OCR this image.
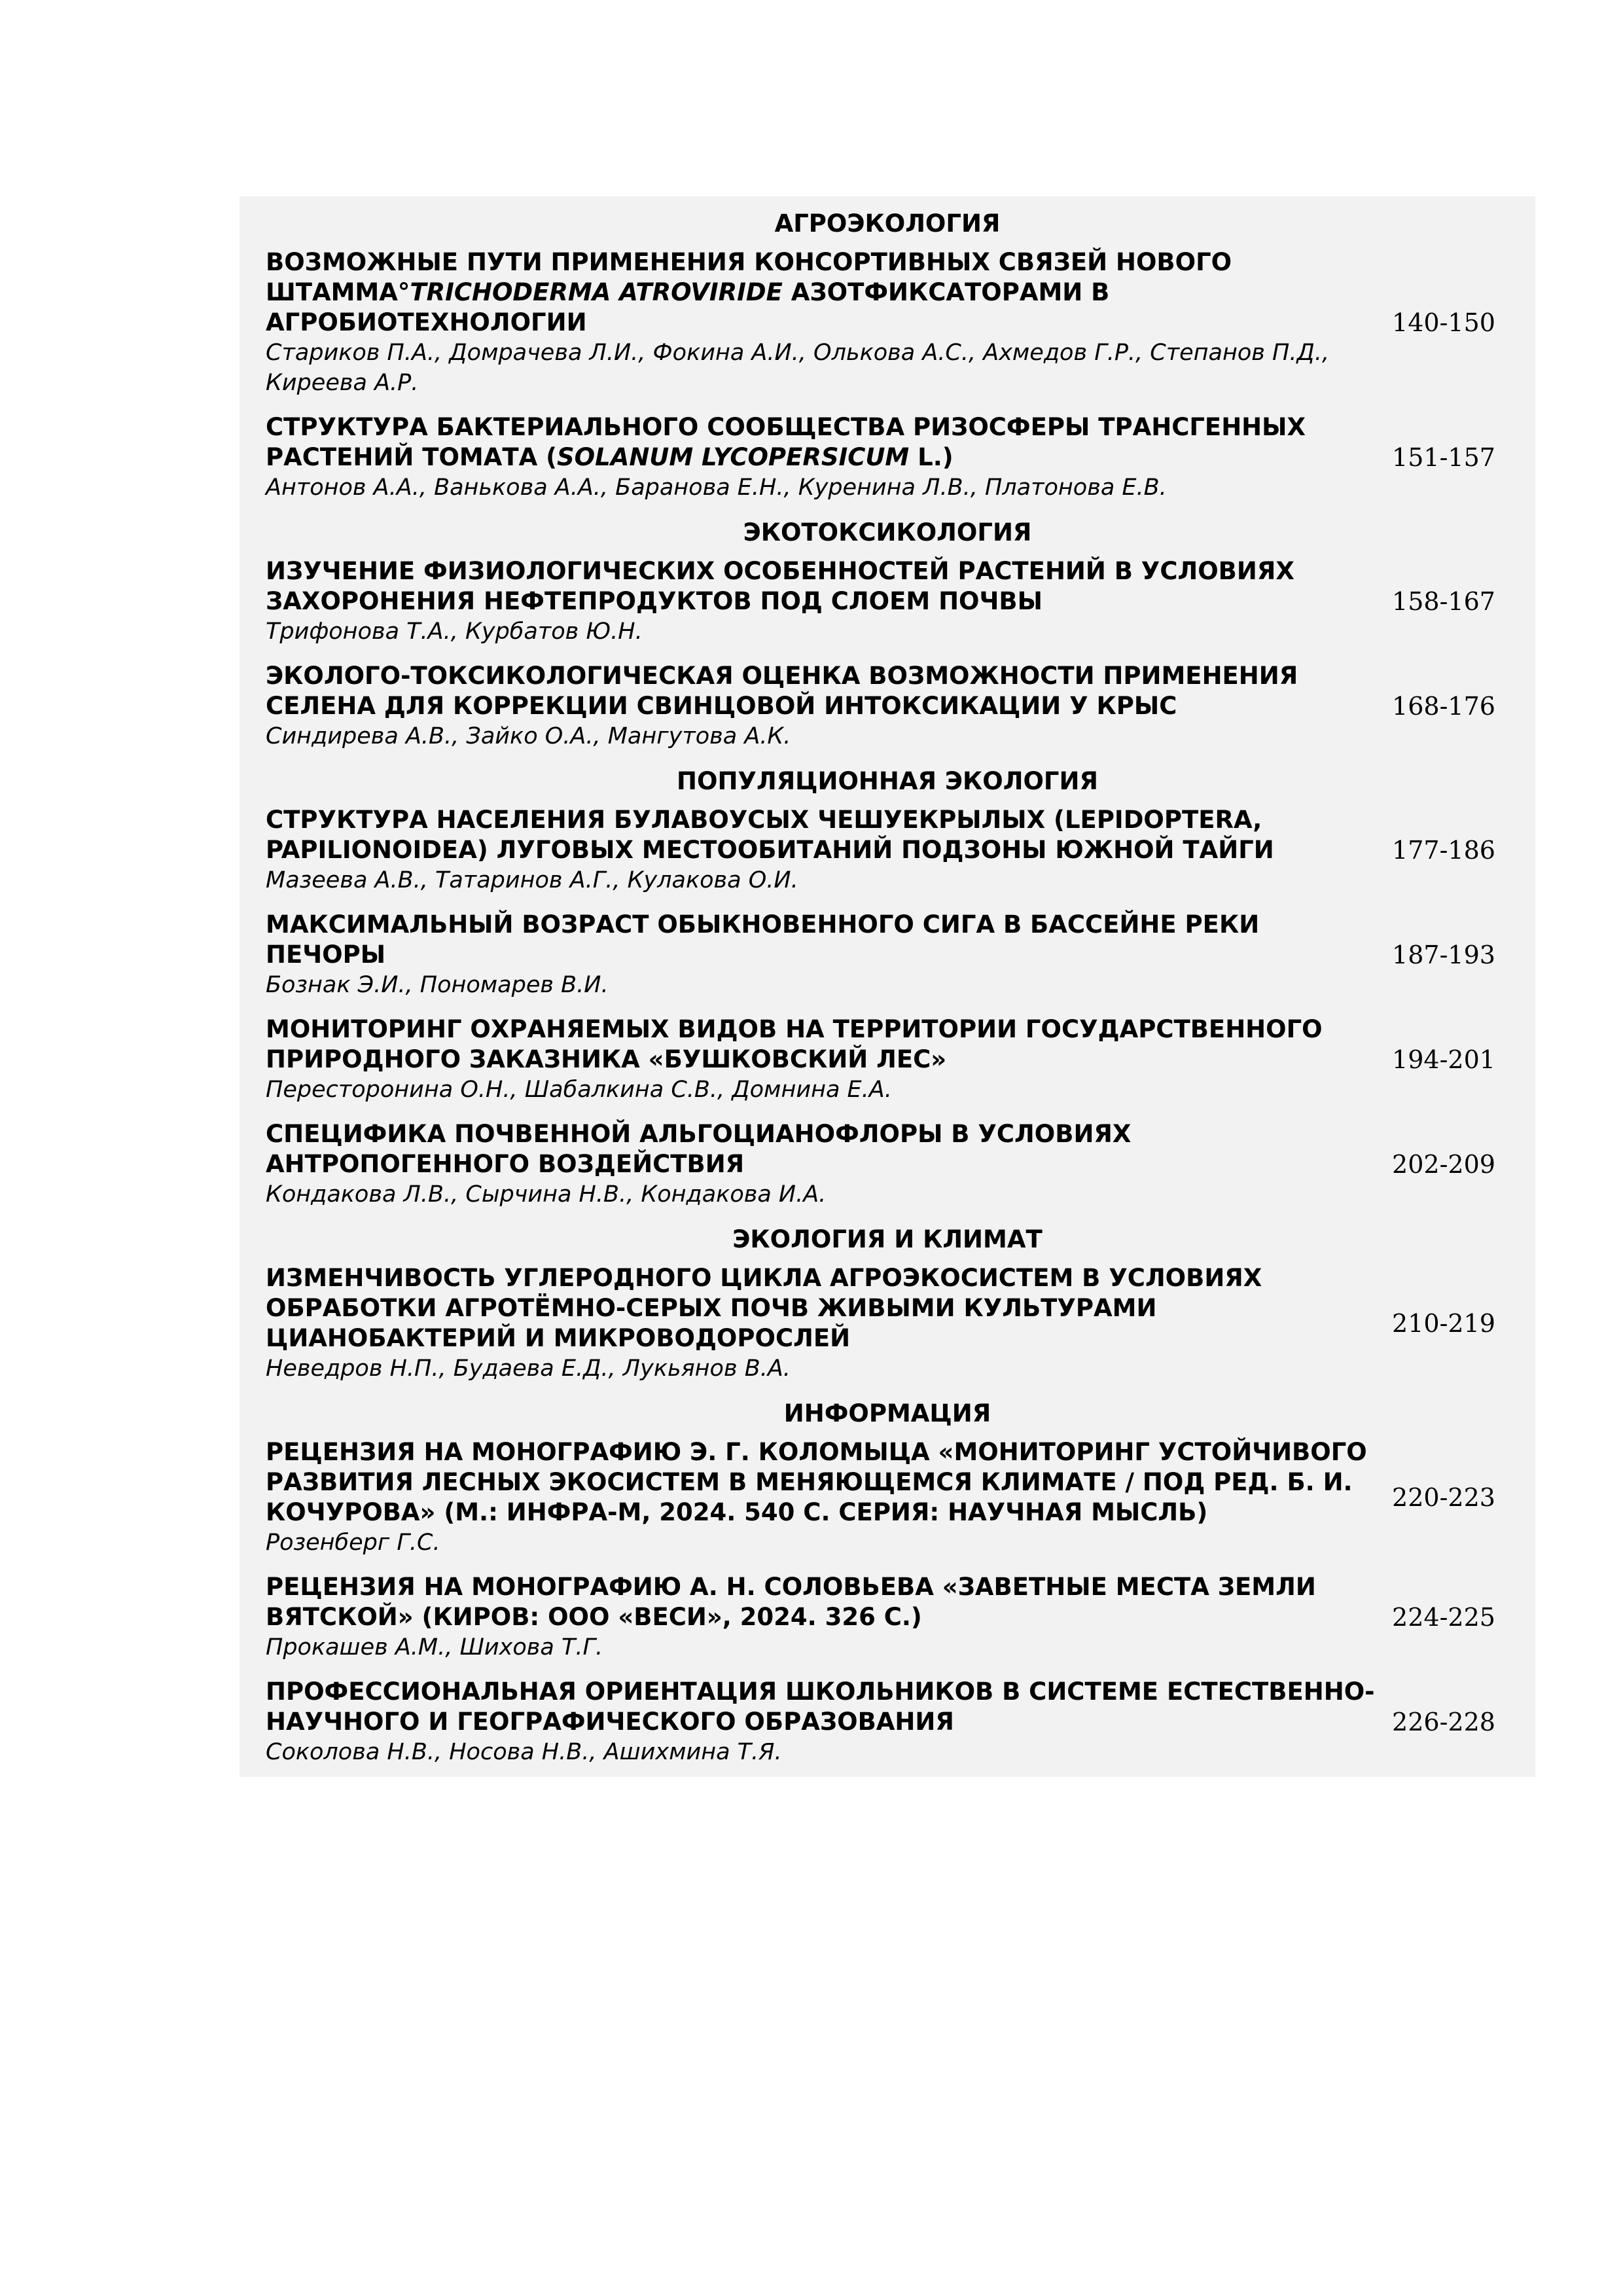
АГРОЭКОЛОГИЯ
ВОЗМОЖНЫЕ ПУТИ ПРИМЕНЕНИЯ КОНСОРТИВНЫХ СВЯЗЕЙ НОВОГО ШТАММА°TRICHODERMA ATROVIRIDE АЗОТФИКСАТОРАМИ В АГРОБИОТЕХНОЛОГИИ
Стариков П.А., Домрачева Л.И., Фокина А.И., Олькова А.С., Ахмедов Г.Р., Степанов П.Д., Киреева А.Р.
140-150
СТРУКТУРА БАКТЕРИАЛЬНОГО СООБЩЕСТВА РИЗОСФЕРЫ ТРАНСГЕННЫХ РАСТЕНИЙ ТОМАТА (SOLANUM LYCOPERSICUM L.)
Антонов А.А., Ванькова А.А., Баранова Е.Н., Куренина Л.В., Платонова Е.В.
151-157
ЭКОТОКСИКОЛОГИЯ
ИЗУЧЕНИЕ ФИЗИОЛОГИЧЕСКИХ ОСОБЕННОСТЕЙ РАСТЕНИЙ В УСЛОВИЯХ ЗАХОРОНЕНИЯ НЕФТЕПРОДУКТОВ ПОД СЛОЕМ ПОЧВЫ
Трифонова Т.А., Курбатов Ю.Н.
158-167
ЭКОЛОГО-ТОКСИКОЛОГИЧЕСКАЯ ОЦЕНКА ВОЗМОЖНОСТИ ПРИМЕНЕНИЯ СЕЛЕНА ДЛЯ КОРРЕКЦИИ СВИНЦОВОЙ ИНТОКСИКАЦИИ У КРЫС
Синдирева А.В., Зайко О.А., Мангутова А.К.
168-176
ПОПУЛЯЦИОННАЯ ЭКОЛОГИЯ
СТРУКТУРА НАСЕЛЕНИЯ БУЛАВОУСЫХ ЧЕШУЕКРЫЛЫХ (LEPIDOPTERA, PAPILIONOIDEA) ЛУГОВЫХ МЕСТООБИТАНИЙ ПОДЗОНЫ ЮЖНОЙ ТАЙГИ
Мазеева А.В., Татаринов А.Г., Кулакова О.И.
177-186
МАКСИМАЛЬНЫЙ ВОЗРАСТ ОБЫКНОВЕННОГО СИГА В БАССЕЙНЕ РЕКИ ПЕЧОРЫ
Бознак Э.И., Пономарев В.И.
187-193
МОНИТОРИНГ ОХРАНЯЕМЫХ ВИДОВ НА ТЕРРИТОРИИ ГОСУДАРСТВЕННОГО ПРИРОДНОГО ЗАКАЗНИКА «БУШКОВСКИЙ ЛЕС»
Пересторонина О.Н., Шабалкина С.В., Домнина Е.А.
194-201
СПЕЦИФИКА ПОЧВЕННОЙ АЛЬГОЦИАНОФЛОРЫ В УСЛОВИЯХ АНТРОПОГЕННОГО ВОЗДЕЙСТВИЯ
Кондакова Л.В., Сырчина Н.В., Кондакова И.А.
202-209
ЭКОЛОГИЯ И КЛИМАТ
ИЗМЕНЧИВОСТЬ УГЛЕРОДНОГО ЦИКЛА АГРОЭКОСИСТЕМ В УСЛОВИЯХ ОБРАБОТКИ АГРОТЁМНО-СЕРЫХ ПОЧВ ЖИВЫМИ КУЛЬТУРАМИ ЦИАНОБАКТЕРИЙ И МИКРОВОДОРОСЛЕЙ
Неведров Н.П., Будаева Е.Д., Лукьянов В.А.
210-219
ИНФОРМАЦИЯ
РЕЦЕНЗИЯ НА МОНОГРАФИЮ Э. Г. КОЛОМЫЦА «МОНИТОРИНГ УСТОЙЧИВОГО РАЗВИТИЯ ЛЕСНЫХ ЭКОСИСТЕМ В МЕНЯЮЩЕМСЯ КЛИМАТЕ / ПОД РЕД. Б. И. КОЧУРОВА» (М.: ИНФРА-М, 2024. 540 С. СЕРИЯ: НАУЧНАЯ МЫСЛЬ)
Розенберг Г.С.
220-223
РЕЦЕНЗИЯ НА МОНОГРАФИЮ А. Н. СОЛОВЬЕВА «ЗАВЕТНЫЕ МЕСТА ЗЕМЛИ ВЯТСКОЙ» (КИРОВ: ООО «ВЕСИ», 2024. 326 С.)
Прокашев А.М., Шихова Т.Г.
224-225
ПРОФЕССИОНАЛЬНАЯ ОРИЕНТАЦИЯ ШКОЛЬНИКОВ В СИСТЕМЕ ЕСТЕСТВЕННО-НАУЧНОГО И ГЕОГРАФИЧЕСКОГО ОБРАЗОВАНИЯ
Соколова Н.В., Носова Н.В., Ашихмина Т.Я.
226-228
